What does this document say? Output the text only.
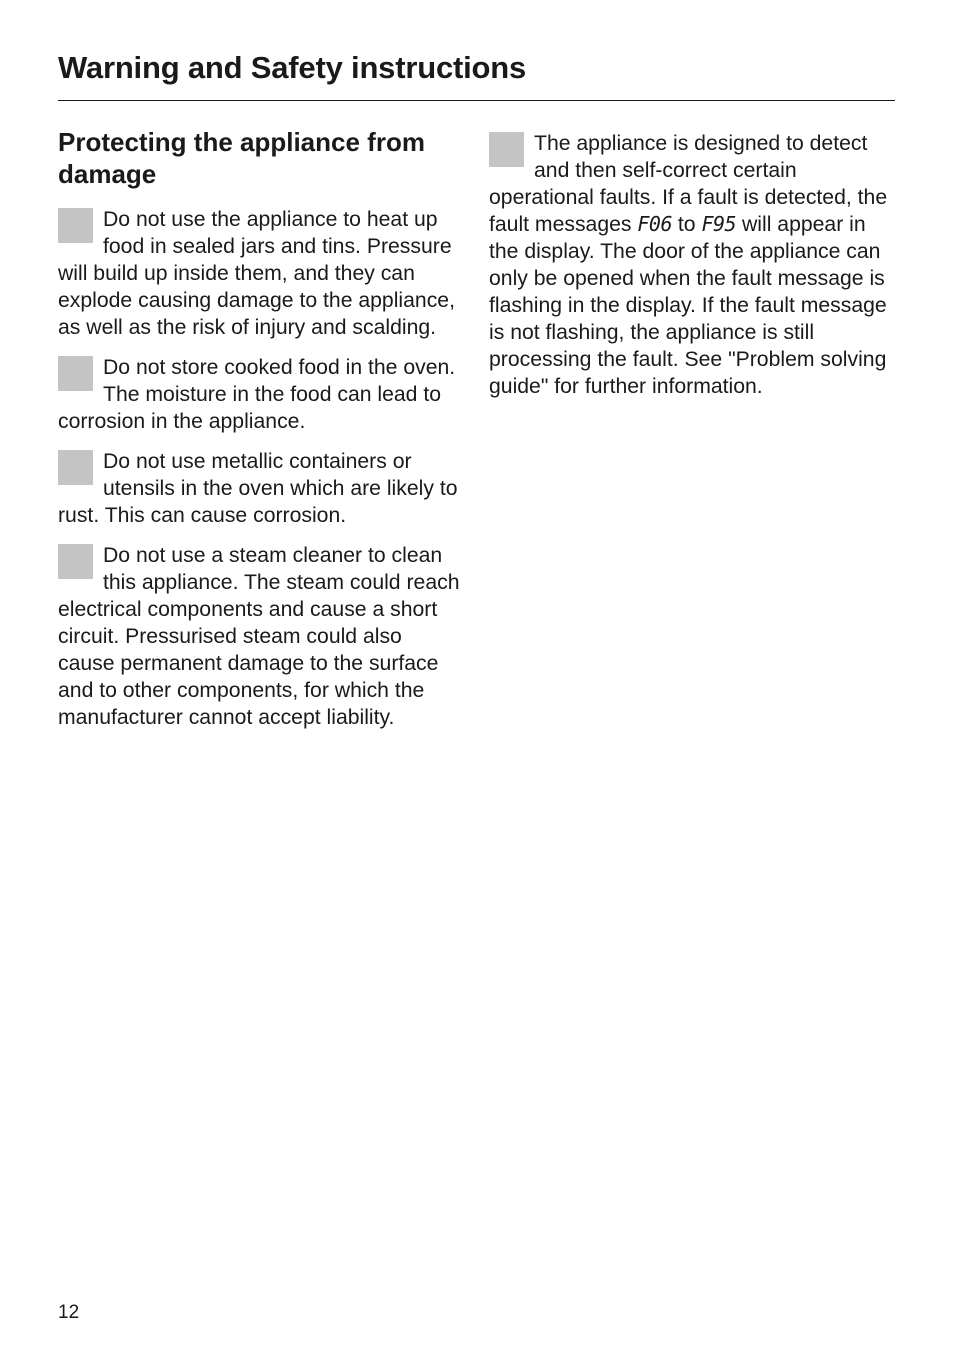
Warning and Safety instructions
Protecting the appliance from damage

Do not use the appliance to heat up food in sealed jars and tins. Pressure will build up inside them, and they can explode causing damage to the appliance, as well as the risk of injury and scalding.

Do not store cooked food in the oven. The moisture in the food can lead to corrosion in the appliance.

Do not use metallic containers or utensils in the oven which are likely to rust. This can cause corrosion.

Do not use a steam cleaner to clean this appliance. The steam could reach electrical components and cause a short circuit. Pressurised steam could also cause permanent damage to the surface and to other components, for which the manufacturer cannot accept liability.

The appliance is designed to detect and then self-correct certain operational faults. If a fault is detected, the fault messages F06 to F95 will appear in the display. The door of the appliance can only be opened when the fault message is flashing in the display. If the fault message is not flashing, the appliance is still processing the fault. See "Problem solving guide" for further information.

12
